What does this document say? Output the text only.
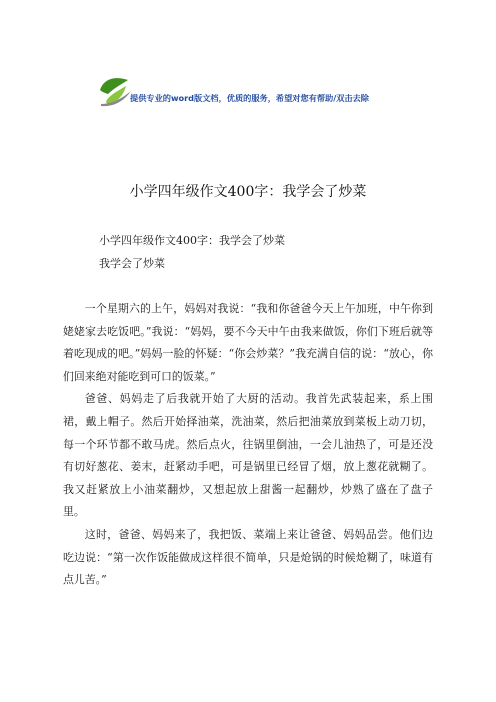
提供专业的word版文档，优质的服务，希望对您有帮助/双击去除
小学四年级作文400字：我学会了炒菜
小学四年级作文400字：我学会了炒菜
我学会了炒菜

一个星期六的上午，妈妈对我说：“我和你爸爸今天上午加班，中午你到姥姥家去吃饭吧。”我说：“妈妈，要不今天中午由我来做饭，你们下班后就等着吃现成的吧。”妈妈一脸的怀疑：“你会炒菜？”我充满自信的说：“放心，你们回来绝对能吃到可口的饭菜。”

爸爸、妈妈走了后我就开始了大厨的活动。我首先武装起来，系上围裙，戴上帽子。然后开始择油菜，洗油菜，然后把油菜放到菜板上动刀切，每一个环节都不敢马虎。然后点火，往锅里倒油，一会儿油热了，可是还没有切好葱花、姜末，赶紧动手吧，可是锅里已经冒了烟，放上葱花就糊了。我又赶紧放上小油菜翻炒，又想起放上甜酱一起翻炒，炒熟了盛在了盘子里。

这时，爸爸、妈妈来了，我把饭、菜端上来让爸爸、妈妈品尝。他们边吃边说：“第一次作饭能做成这样很不简单，只是炝锅的时候炝糊了，味道有点儿苦。”
